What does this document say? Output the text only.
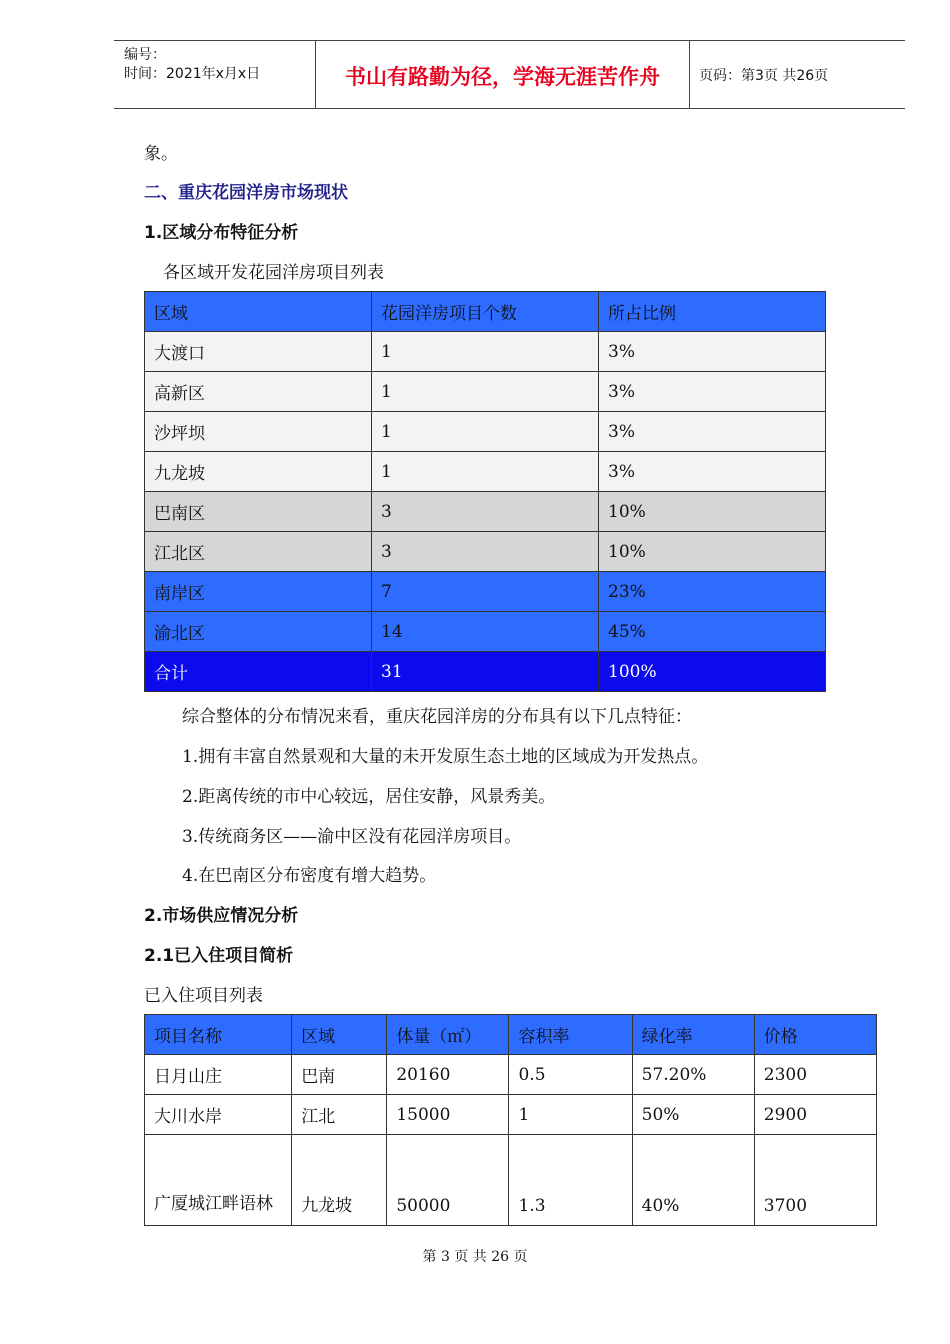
编号：
时间：2021年x月x日	书山有路勤为径，学海无涯苦作舟	页码：第3页 共26页
象。
二、重庆花园洋房市场现状
1.区域分布特征分析
各区域开发花园洋房项目列表
区域	花园洋房项目个数	所占比例
大渡口	1	3%
高新区	1	3%
沙坪坝	1	3%
九龙坡	1	3%
巴南区	3	10%
江北区	3	10%
南岸区	7	23%
渝北区	14	45%
合计	31	100%
综合整体的分布情况来看，重庆花园洋房的分布具有以下几点特征：
1.拥有丰富自然景观和大量的未开发原生态土地的区域成为开发热点。
2.距离传统的市中心较远，居住安静，风景秀美。
3.传统商务区——渝中区没有花园洋房项目。
4.在巴南区分布密度有增大趋势。
2.市场供应情况分析
2.1已入住项目简析
已入住项目列表
项目名称	区域	体量（㎡）	容积率	绿化率	价格
日月山庄	巴南	20160	0.5	57.20%	2300
大川水岸	江北	15000	1	50%	2900
广厦城江畔语林	九龙坡	50000	1.3	40%	3700
第 3 页 共 26 页
